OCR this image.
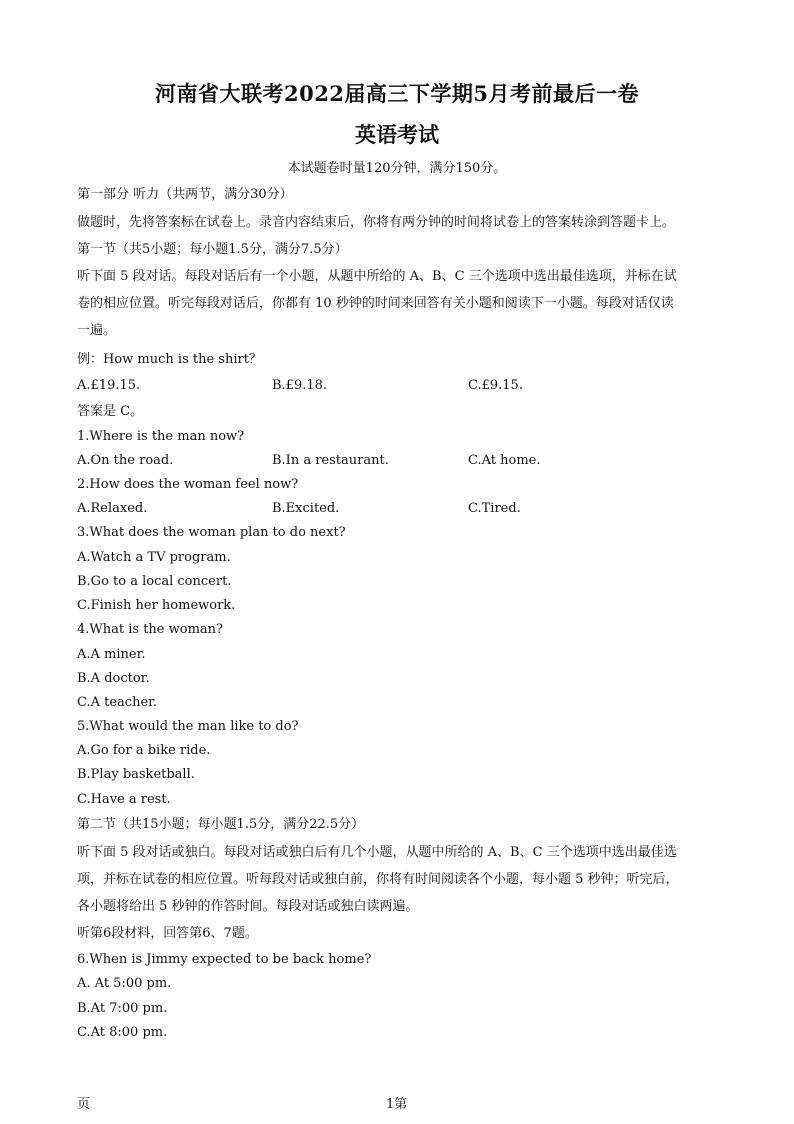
河南省大联考2022届高三下学期5月考前最后一卷
英语考试
本试题卷时量120分钟，满分150分。
第一部分 听力（共两节，满分30分）
做题时，先将答案标在试卷上。录音内容结束后，你将有两分钟的时间将试卷上的答案转涂到答题卡上。
第一节（共5小题；每小题1.5分，满分7.5分）
听下面 5 段对话。每段对话后有一个小题，从题中所给的 A、B、C 三个选项中选出最佳选项，并标在试
卷的相应位置。听完每段对话后，你都有 10 秒钟的时间来回答有关小题和阅读下一小题。每段对话仅读
一遍。
例：How much is the shirt？
A.£19.15.	B.£9.18.	C.£9.15.
答案是 C。
1.Where is the man now?
A.On the road.	B.In a restaurant.	C.At home.
2.How does the woman feel now?
A.Relaxed.	B.Excited.	C.Tired.
3.What does the woman plan to do next?
A.Watch a TV program.
B.Go to a local concert.
C.Finish her homework.
4.What is the woman?
A.A miner.
B.A doctor.
C.A teacher.
5.What would the man like to do?
A.Go for a bike ride.
B.Play basketball.
C.Have a rest.
第二节（共15小题；每小题1.5分，满分22.5分）
听下面 5 段对话或独白。每段对话或独白后有几个小题，从题中所给的 A、B、C 三个选项中选出最佳选
项，并标在试卷的相应位置。听每段对话或独白前，你将有时间阅读各个小题，每小题 5 秒钟；听完后，
各小题将给出 5 秒钟的作答时间。每段对话或独白读两遍。
听第6段材料，回答第6、7题。
6.When is Jimmy expected to be back home?
A. At 5:00 pm.
B.At 7:00 pm.
C.At 8:00 pm.
页	1第
